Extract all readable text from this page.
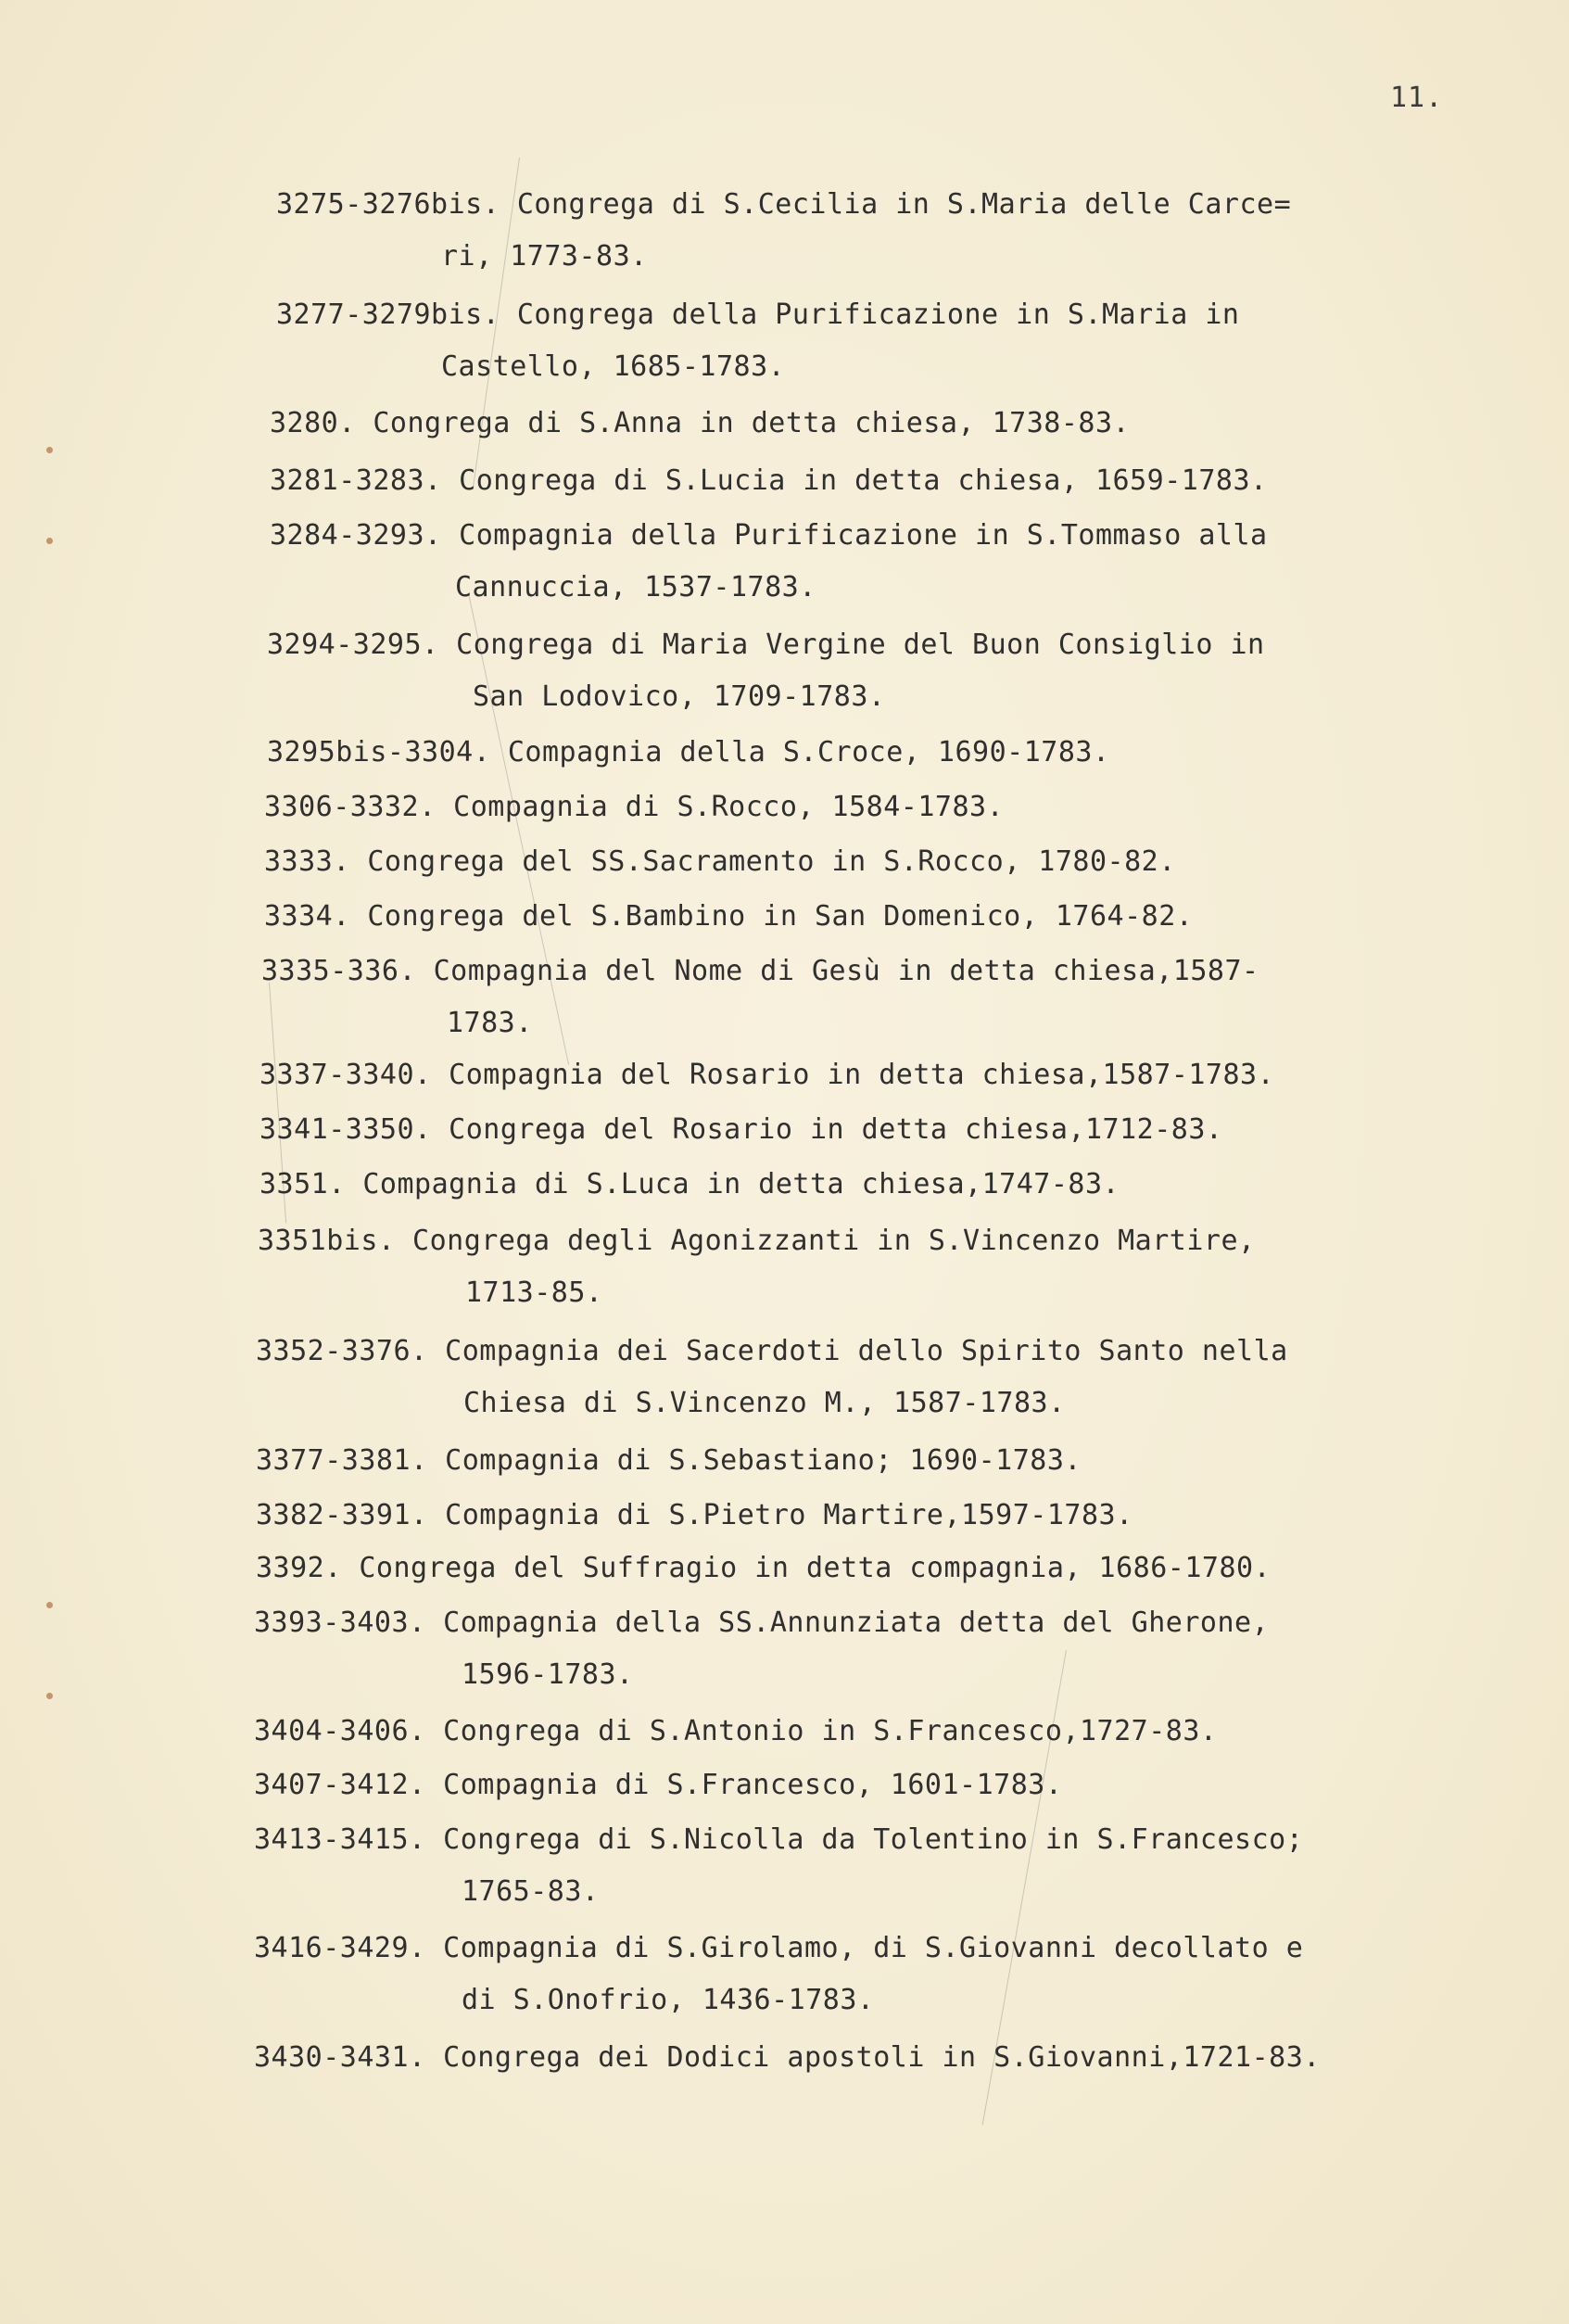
11.
3275-3276bis. Congrega di S.Cecilia in S.Maria delle Carce=
ri, 1773-83.
3277-3279bis. Congrega della Purificazione in S.Maria in
Castello, 1685-1783.
3280. Congrega di S.Anna in detta chiesa, 1738-83.
3281-3283. Congrega di S.Lucia in detta chiesa, 1659-1783.
3284-3293. Compagnia della Purificazione in S.Tommaso alla
Cannuccia, 1537-1783.
3294-3295. Congrega di Maria Vergine del Buon Consiglio in
San Lodovico, 1709-1783.
3295bis-3304. Compagnia della S.Croce, 1690-1783.
3306-3332. Compagnia di S.Rocco, 1584-1783.
3333. Congrega del SS.Sacramento in S.Rocco, 1780-82.
3334. Congrega del S.Bambino in San Domenico, 1764-82.
3335-336. Compagnia del Nome di Gesù in detta chiesa,1587-
1783.
3337-3340. Compagnia del Rosario in detta chiesa,1587-1783.
3341-3350. Congrega del Rosario in detta chiesa,1712-83.
3351. Compagnia di S.Luca in detta chiesa,1747-83.
3351bis. Congrega degli Agonizzanti in S.Vincenzo Martire,
1713-85.
3352-3376. Compagnia dei Sacerdoti dello Spirito Santo nella
Chiesa di S.Vincenzo M., 1587-1783.
3377-3381. Compagnia di S.Sebastiano; 1690-1783.
3382-3391. Compagnia di S.Pietro Martire,1597-1783.
3392. Congrega del Suffragio in detta compagnia, 1686-1780.
3393-3403. Compagnia della SS.Annunziata detta del Gherone,
1596-1783.
3404-3406. Congrega di S.Antonio in S.Francesco,1727-83.
3407-3412. Compagnia di S.Francesco, 1601-1783.
3413-3415. Congrega di S.Nicolla da Tolentino in S.Francesco;
1765-83.
3416-3429. Compagnia di S.Girolamo, di S.Giovanni decollato e
di S.Onofrio, 1436-1783.
3430-3431. Congrega dei Dodici apostoli in S.Giovanni,1721-83.
